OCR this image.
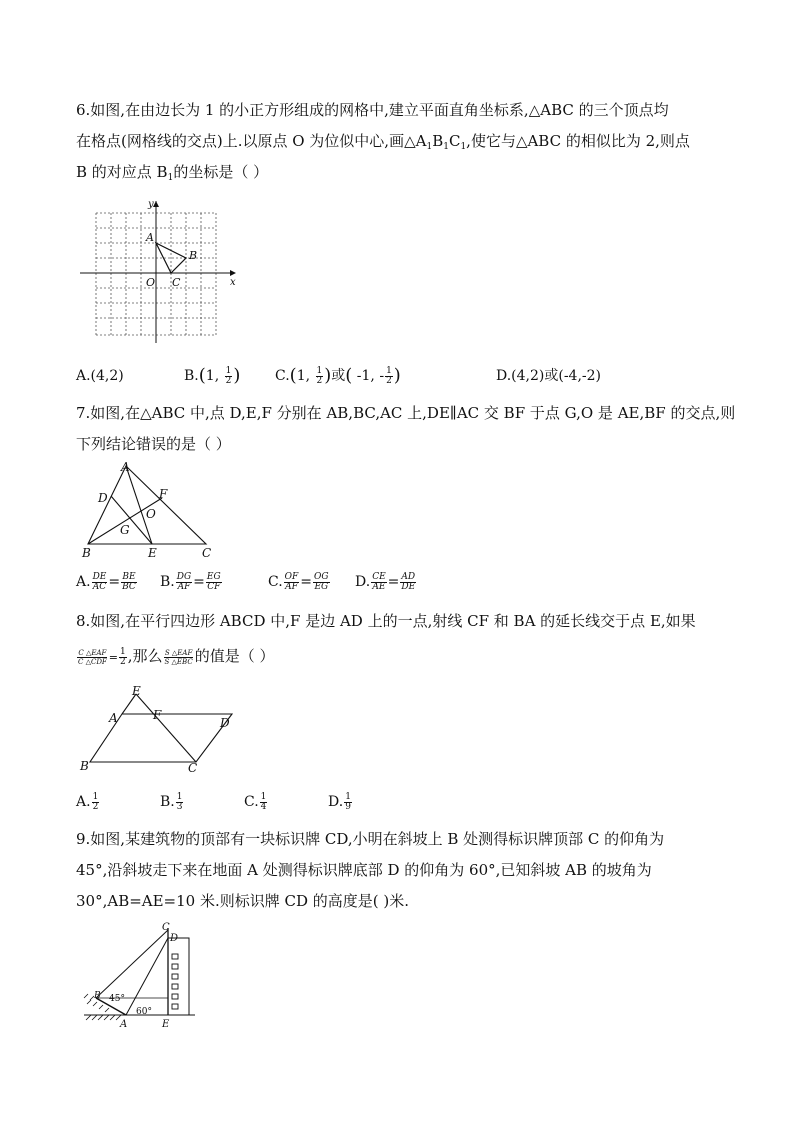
6.如图,在由边长为 1 的小正方形组成的网格中,建立平面直角坐标系,△ABC 的三个顶点均
在格点(网格线的交点)上.以原点 O 为位似中心,画$\triangle A_1B_1C_1$,使它与△ABC 的相似比为 2,则点
B 的对应点 $B_1$的坐标是（ ）
y
x
A
B
C
O
A.(4,2)	B.(1, $\frac{1}{2}$ ) C.(1, $\frac{1}{2}$ )或( -1, - $\frac{1}{2}$ )	D.(4,2)或(-4,-2)
7.如图,在△ABC 中,点 D,E,F 分别在 AB,BC,AC 上,DE∥AC 交 BF 于点 G,O 是 AE,BF 的交点,则
下列结论错误的是（ ）
A
B	C
D
E
F
G
O
A. $\frac{DE}{AC} = \frac{BE}{BC} B$. $\frac{DG}{AF} = \frac{EG}{CF}$	C. $\frac{OF}{AF} = \frac{OG}{EG} D$. $\frac{CE}{AE} = \frac{AD}{DE}$
8.如图,在平行四边形 ABCD 中,F 是边 AD 上的一点,射线 CF 和 BA 的延长线交于点 E,如果
$\frac{\text{C △EAF}}{\text{C △CDF}} = \frac{1}{2}$ ,那么 $\frac{\text{S △EAF}}{\text{S △EBC}}$ 的值是（ ）
E
A	F
D
B	C
A. $\frac{1}{2}$	B. $\frac{1}{3}$	C. $\frac{1}{4}$	D. $\frac{1}{9}$
9.如图,某建筑物的顶部有一块标识牌 CD,小明在斜坡上 B 处测得标识牌顶部 C 的仰角为
45°,沿斜坡走下来在地面 A 处测得标识牌底部 D 的仰角为 60°,已知斜坡 AB 的坡角为
30°,AB=AE=10 米.则标识牌 CD 的高度是( )米.
C
D
B
A	E
45°
60°
